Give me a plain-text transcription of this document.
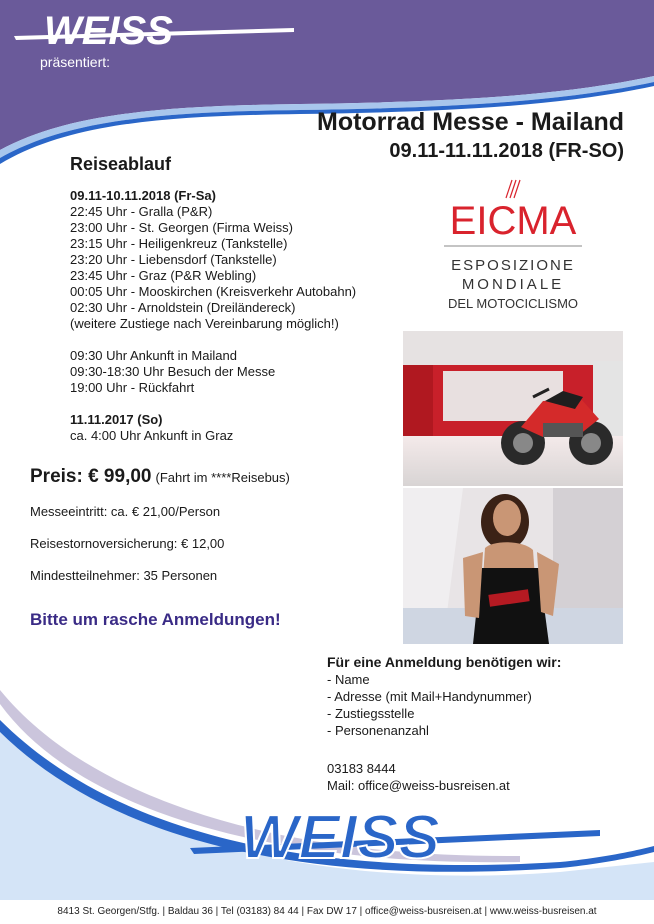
WEISS
präsentiert:
Motorrad Messe - Mailand
09.11-11.11.2018 (FR-SO)
Reiseablauf
09.11-10.11.2018 (Fr-Sa)
22:45 Uhr - Gralla (P&R)
23:00 Uhr - St. Georgen (Firma Weiss)
23:15 Uhr - Heiligenkreuz (Tankstelle)
23:20 Uhr - Liebensdorf (Tankstelle)
23:45 Uhr - Graz (P&R Webling)
00:05 Uhr - Mooskirchen (Kreisverkehr Autobahn)
02:30 Uhr - Arnoldstein (Dreiländereck)
(weitere Zustiege nach Vereinbarung möglich!)
09:30 Uhr Ankunft in Mailand
09:30-18:30 Uhr Besuch der Messe
19:00 Uhr - Rückfahrt
11.11.2017 (So)
ca. 4:00 Uhr Ankunft in Graz
Preis: € 99,00 (Fahrt im ****Reisebus)
Messeeintritt: ca. € 21,00/Person
Reisestornoversicherung: € 12,00
Mindestteilnehmer: 35 Personen
Bitte um rasche Anmeldungen!
EICMA
ESPOSIZIONE
MONDIALE
DEL MOTOCICLISMO
Für eine Anmeldung benötigen wir:
- Name
- Adresse (mit Mail+Handynummer)
- Zustiegsstelle
- Personenanzahl
03183 8444
Mail: office@weiss-busreisen.at
WEISS
8413 St. Georgen/Stfg. | Baldau 36 | Tel (03183) 84 44 | Fax DW 17 | office@weiss-busreisen.at | www.weiss-busreisen.at
